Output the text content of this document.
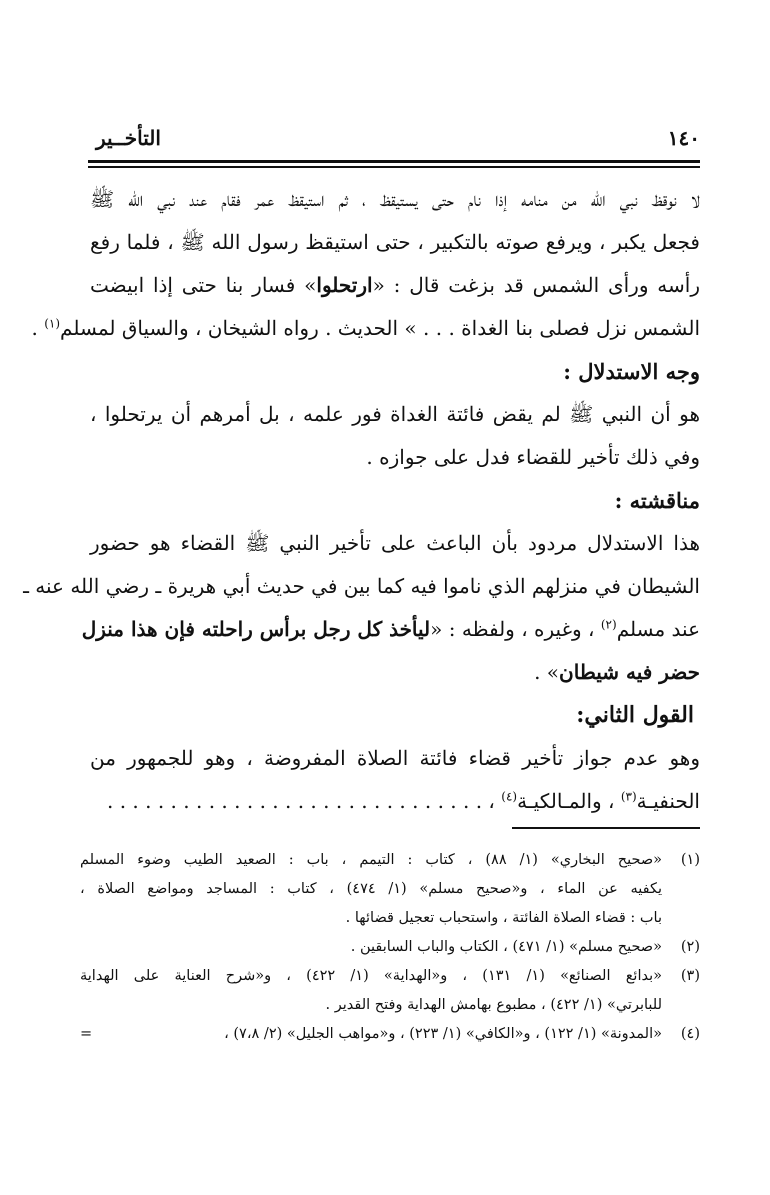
١٤٠
التأخــير
لا نوقظ نبي الله من منامه إذا نام حتى يستيقظ ، ثم استيقظ عمر فقام عند نبي الله ﷺ
فجعل يكبر ، ويرفع صوته بالتكبير ، حتى استيقظ رسول الله ﷺ ، فلما رفع
رأسه ورأى الشمس قد بزغت قال : «ارتحلوا» فسار بنا حتى إذا ابيضت
الشمس نزل فصلى بنا الغداة . . . » الحديث . رواه الشيخان ، والسياق لمسلم$^{(١)}$ .
وجه الاستدلال :
هو أن النبي ﷺ لم يقض فائتة الغداة فور علمه ، بل أمرهم أن يرتحلوا ،
وفي ذلك تأخير للقضاء فدل على جوازه .
مناقشته :
هذا الاستدلال مردود بأن الباعث على تأخير النبي ﷺ القضاء هو حضور
الشيطان في منزلهم الذي ناموا فيه كما بين في حديث أبي هريرة ـ رضي الله عنه ـ
عند مسلم$^{(٢)}$ ، وغيره ، ولفظه : «ليأخذ كل رجل برأس راحلته فإن هذا منزل
حضر فيه شيطان» .
القول الثاني:
وهو عدم جواز تأخير قضاء فائتة الصلاة المفروضة ، وهو للجمهور من
الحنفيـة$^{(٣)}$ ، والمـالكيـة$^{(٤)}$ ، . . . . . . . . . . . . . . . . . . . . . . . . . . . . . .
(١)
«صحيح البخاري» (١/ ٨٨) ، كتاب : التيمم ، باب : الصعيد الطيب وضوء المسلم
يكفيه عن الماء ، و«صحيح مسلم» (١/ ٤٧٤) ، كتاب : المساجد ومواضع الصلاة ،
باب : قضاء الصلاة الفائتة ، واستحباب تعجيل قضائها .
(٢)
«صحيح مسلم» (١/ ٤٧١) ، الكتاب والباب السابقين .
(٣)
«بدائع الصنائع» (١/ ١٣١) ، و«الهداية» (١/ ٤٢٢) ، و«شرح العناية على الهداية
للبابرتي» (١/ ٤٢٢) ، مطبوع بهامش الهداية وفتح القدير .
(٤)
«المدونة» (١/ ١٢٢) ، و«الكافي» (١/ ٢٢٣) ، و«مواهب الجليل» (٢/ ٧،٨) ،
=
